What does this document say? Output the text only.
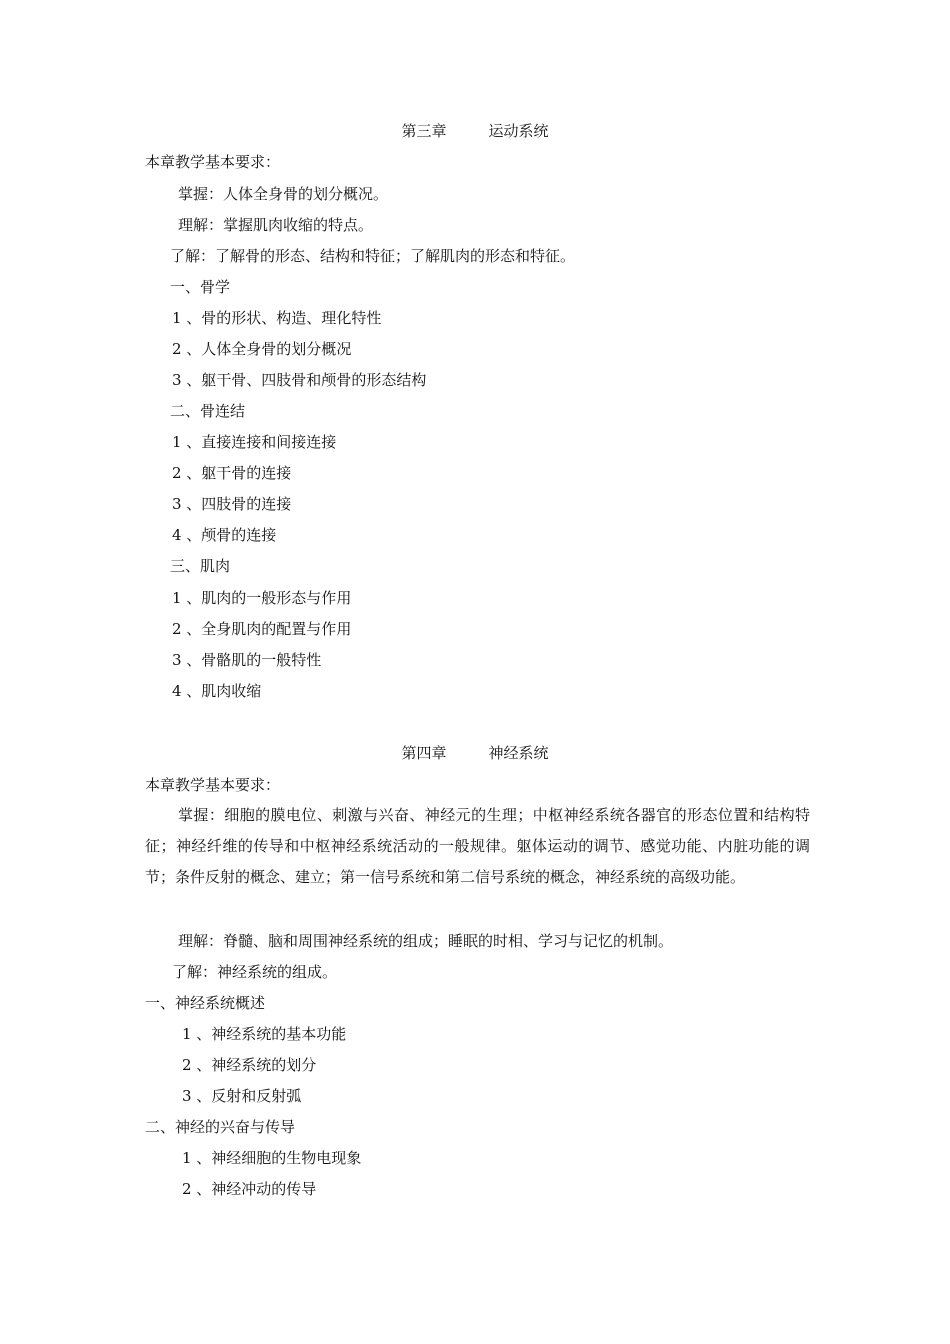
第三章	运动系统
本章教学基本要求：
掌握：人体全身骨的划分概况。
理解：掌握肌肉收缩的特点。
了解：了解骨的形态、结构和特征；了解肌肉的形态和特征。
一、骨学
1 、骨的形状、构造、理化特性
2 、人体全身骨的划分概况
3 、躯干骨、四肢骨和颅骨的形态结构
二、骨连结
1 、直接连接和间接连接
2 、躯干骨的连接
3 、四肢骨的连接
4 、颅骨的连接
三、肌肉
1 、肌肉的一般形态与作用
2 、全身肌肉的配置与作用
3 、骨骼肌的一般特性
4 、肌肉收缩
第四章	神经系统
本章教学基本要求：
掌握：细胞的膜电位、刺激与兴奋、神经元的生理；中枢神经系统各器官的形态位置和结构特征；神经纤维的传导和中枢神经系统活动的一般规律。躯体运动的调节、感觉功能、内脏功能的调节；条件反射的概念、建立；第一信号系统和第二信号系统的概念，神经系统的高级功能。
理解：脊髓、脑和周围神经系统的组成；睡眠的时相、学习与记忆的机制。
了解：神经系统的组成。
一、神经系统概述
1 、神经系统的基本功能
2 、神经系统的划分
3 、反射和反射弧
二、神经的兴奋与传导
1 、神经细胞的生物电现象
2 、神经冲动的传导
